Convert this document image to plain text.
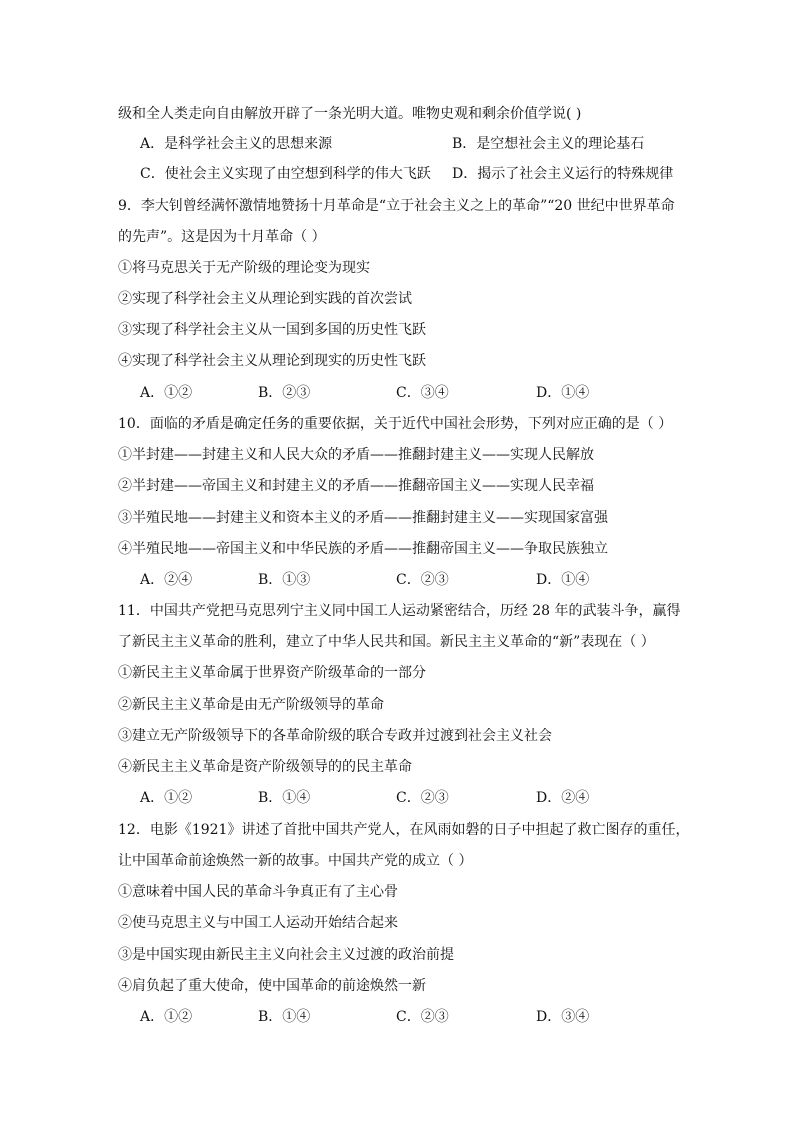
级和全人类走向自由解放开辟了一条光明大道。唯物史观和剩余价值学说( )
A．是科学社会主义的思想来源	B．是空想社会主义的理论基石
C．使社会主义实现了由空想到科学的伟大飞跃 D．揭示了社会主义运行的特殊规律
9．李大钊曾经满怀激情地赞扬十月革命是“立于社会主义之上的革命”“20 世纪中世界革命
的先声”。这是因为十月革命（ ）
①将马克思关于无产阶级的理论变为现实
②实现了科学社会主义从理论到实践的首次尝试
③实现了科学社会主义从一国到多国的历史性飞跃
④实现了科学社会主义从理论到现实的历史性飞跃
A．①②	B．②③	C．③④	D．①④
10．面临的矛盾是确定任务的重要依据，关于近代中国社会形势，下列对应正确的是（ ）
①半封建——封建主义和人民大众的矛盾——推翻封建主义——实现人民解放
②半封建——帝国主义和封建主义的矛盾——推翻帝国主义——实现人民幸福
③半殖民地——封建主义和资本主义的矛盾——推翻封建主义——实现国家富强
④半殖民地——帝国主义和中华民族的矛盾——推翻帝国主义——争取民族独立
A．②④	B．①③	C．②③	D．①④
11．中国共产党把马克思列宁主义同中国工人运动紧密结合，历经 28 年的武装斗争，赢得
了新民主主义革命的胜利，建立了中华人民共和国。新民主主义革命的“新”表现在（ ）
①新民主主义革命属于世界资产阶级革命的一部分
②新民主主义革命是由无产阶级领导的革命
③建立无产阶级领导下的各革命阶级的联合专政并过渡到社会主义社会
④新民主主义革命是资产阶级领导的的民主革命
A．①②	B．①④	C．②③	D．②④
12．电影《1921》讲述了首批中国共产党人，在风雨如磐的日子中担起了救亡图存的重任，
让中国革命前途焕然一新的故事。中国共产党的成立（ ）
①意味着中国人民的革命斗争真正有了主心骨
②使马克思主义与中国工人运动开始结合起来
③是中国实现由新民主主义向社会主义过渡的政治前提
④肩负起了重大使命，使中国革命的前途焕然一新
A．①②	B．①④	C．②③	D．③④
